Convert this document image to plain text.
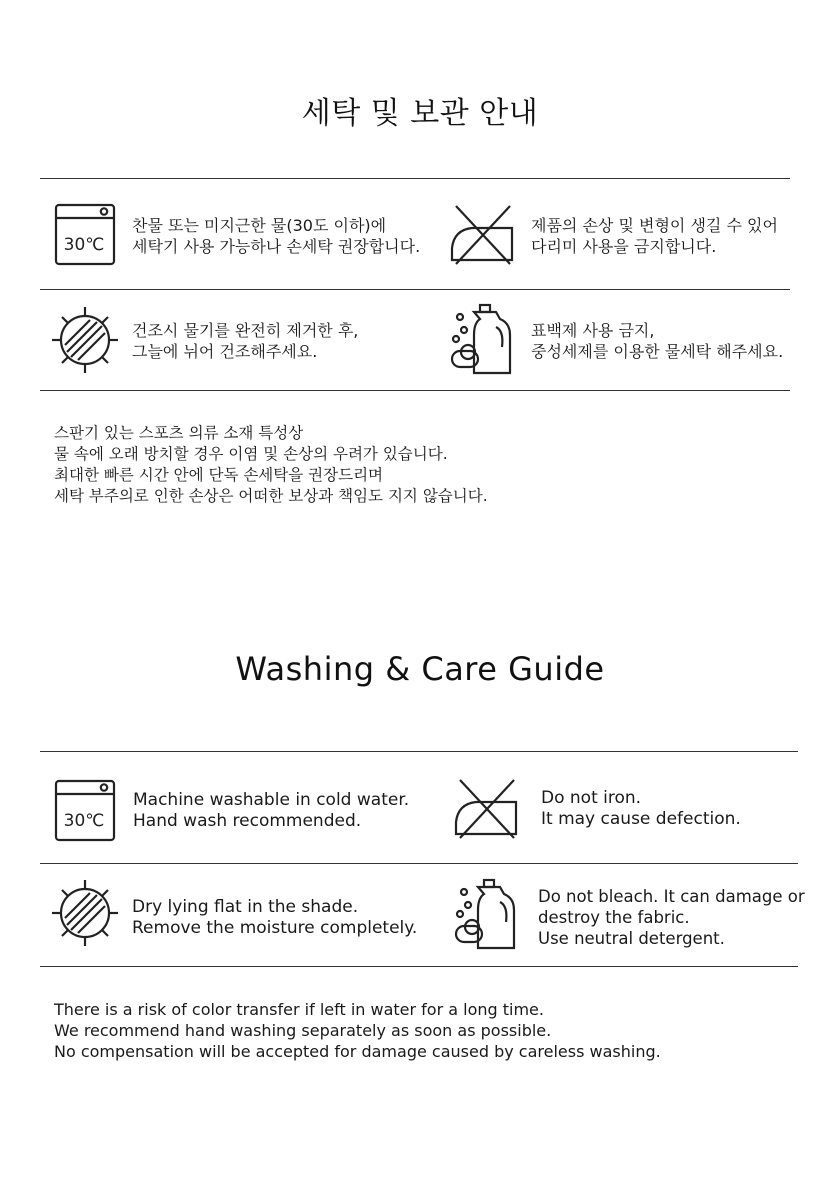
세탁 및 보관 안내
30℃
찬물 또는 미지근한 물(30도 이하)에
세탁기 사용 가능하나 손세탁 권장합니다.
제품의 손상 및 변형이 생길 수 있어
다리미 사용을 금지합니다.
건조시 물기를 완전히 제거한 후,
그늘에 뉘어 건조해주세요.
표백제 사용 금지,
중성세제를 이용한 물세탁 해주세요.
스판기 있는 스포츠 의류 소재 특성상
물 속에 오래 방치할 경우 이염 및 손상의 우려가 있습니다.
최대한 빠른 시간 안에 단독 손세탁을 권장드리며
세탁 부주의로 인한 손상은 어떠한 보상과 책임도 지지 않습니다.
Washing & Care Guide
30℃
Machine washable in cold water.
Hand wash recommended.
Do not iron.
It may cause defection.
Dry lying flat in the shade.
Remove the moisture completely.
Do not bleach. It can damage or
destroy the fabric.
Use neutral detergent.
There is a risk of color transfer if left in water for a long time.
We recommend hand washing separately as soon as possible.
No compensation will be accepted for damage caused by careless washing.
